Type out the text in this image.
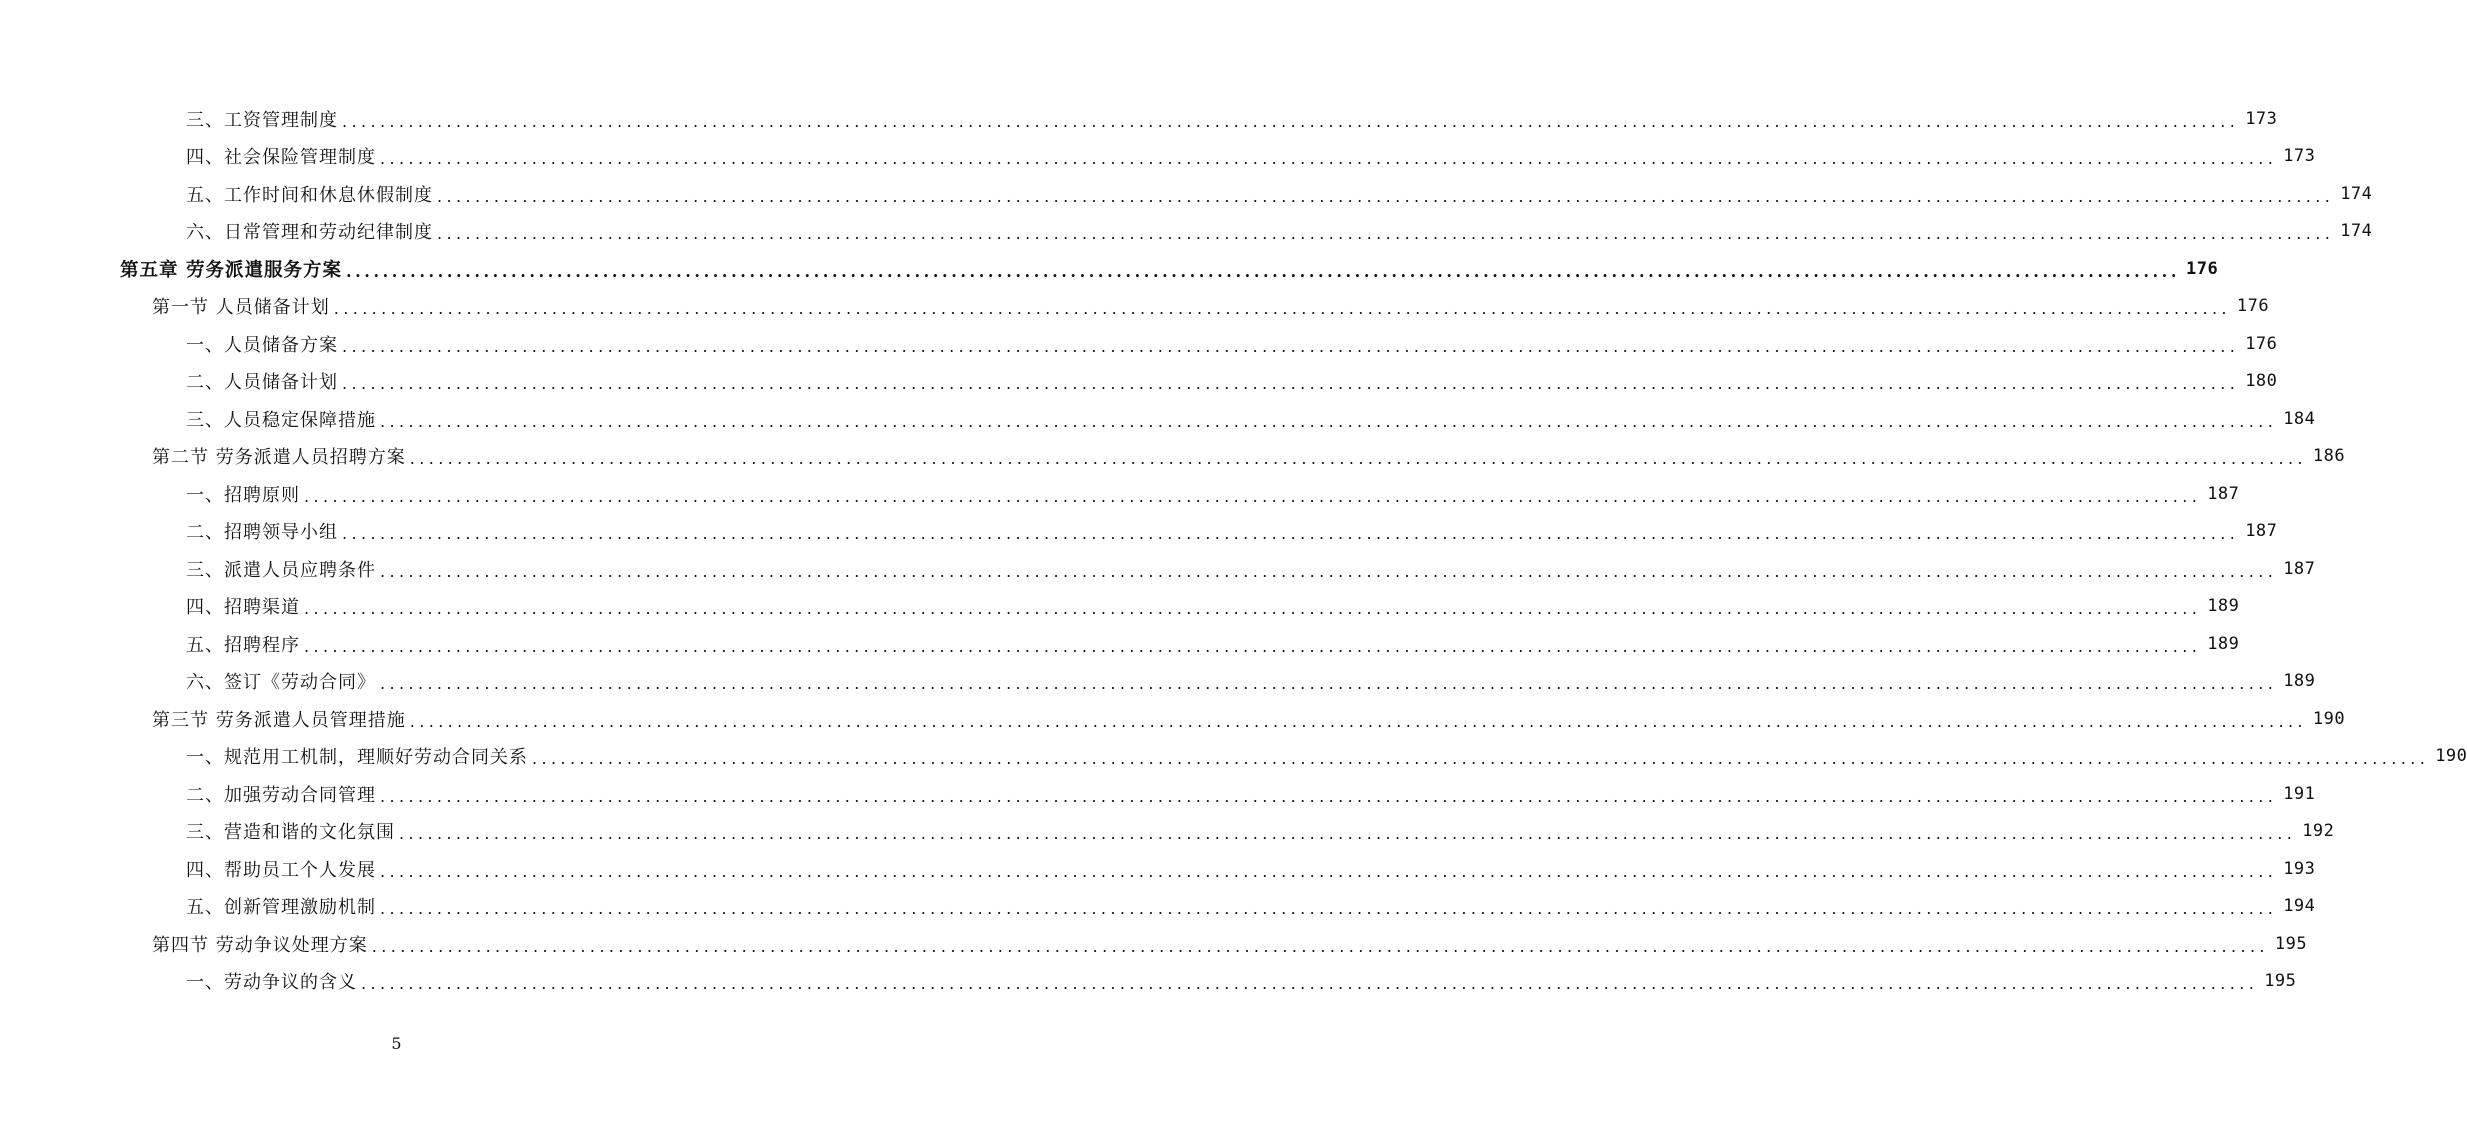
三、工资管理制度 ........................................................................................................................................................................................................ 173
四、社会保险管理制度 ........................................................................................................................................................................................................ 173
五、工作时间和休息休假制度 ........................................................................................................................................................................................................ 174
六、日常管理和劳动纪律制度 ........................................................................................................................................................................................................ 174
第五章 劳务派遣服务方案 ........................................................................................................................................................................................................ 176
第一节 人员储备计划 ........................................................................................................................................................................................................ 176
一、人员储备方案 ........................................................................................................................................................................................................ 176
二、人员储备计划 ........................................................................................................................................................................................................ 180
三、人员稳定保障措施 ........................................................................................................................................................................................................ 184
第二节 劳务派遣人员招聘方案 ........................................................................................................................................................................................................ 186
一、招聘原则 ........................................................................................................................................................................................................ 187
二、招聘领导小组 ........................................................................................................................................................................................................ 187
三、派遣人员应聘条件 ........................................................................................................................................................................................................ 187
四、招聘渠道 ........................................................................................................................................................................................................ 189
五、招聘程序 ........................................................................................................................................................................................................ 189
六、签订《劳动合同》 ........................................................................................................................................................................................................ 189
第三节 劳务派遣人员管理措施 ........................................................................................................................................................................................................ 190
一、规范用工机制，理顺好劳动合同关系 ........................................................................................................................................................................................................ 190
二、加强劳动合同管理 ........................................................................................................................................................................................................ 191
三、营造和谐的文化氛围 ........................................................................................................................................................................................................ 192
四、帮助员工个人发展 ........................................................................................................................................................................................................ 193
五、创新管理激励机制 ........................................................................................................................................................................................................ 194
第四节 劳动争议处理方案 ........................................................................................................................................................................................................ 195
一、劳动争议的含义 ........................................................................................................................................................................................................ 195
5
